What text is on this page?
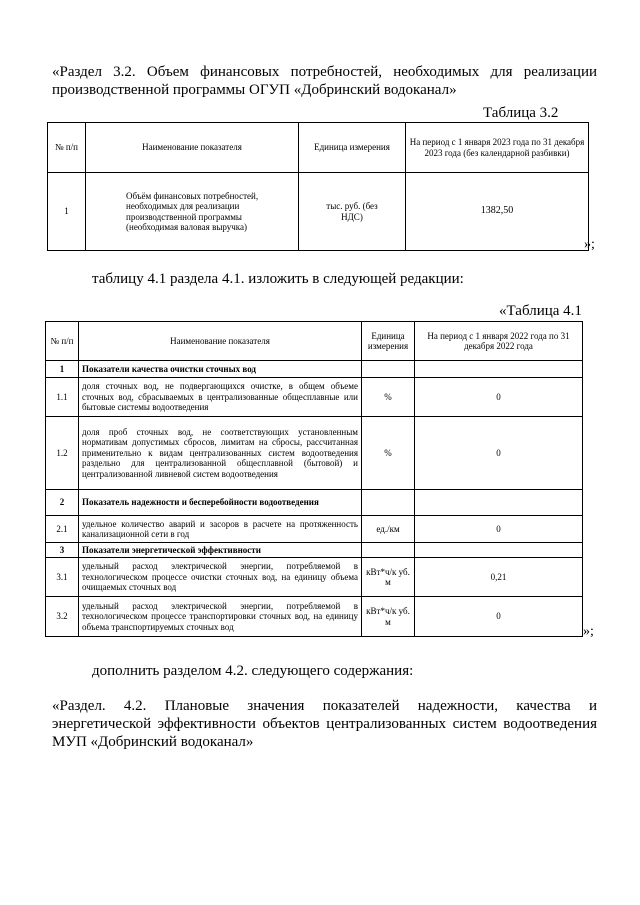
«Раздел 3.2. Объем финансовых потребностей, необходимых для реализации
производственной программы ОГУП «Добринский водоканал»
Таблица 3.2
№ п/п	Наименование показателя	Единица измерения	На период с 1 января 2023 года по 31 декабря 2023 года (без календарной разбивки)
1	Объём финансовых потребностей, необходимых для реализации производственной программы (необходимая валовая выручка)	тыс. руб. (без НДС)	1382,50
»;
таблицу 4.1 раздела 4.1. изложить в следующей редакции:
«Таблица 4.1
№ п/п	Наименование показателя	Единица измерения	На период с 1 января 2022 года по 31 декабря 2022 года
1	Показатели качества очистки сточных вод		
1.1	доля сточных вод, не подвергающихся очистке, в общем объеме сточных вод, сбрасываемых в централизованные общесплавные или бытовые системы водоотведения	%	0
1.2	доля проб сточных вод, не соответствующих установленным нормативам допустимых сбросов, лимитам на сбросы, рассчитанная применительно к видам централизованных систем водоотведения раздельно для централизованной общесплавной (бытовой) и централизованной ливневой систем водоотведения	%	0
2	Показатель надежности и бесперебойности водоотведения		
2.1	удельное количество аварий и засоров в расчете на протяженность канализационной сети в год	ед./км	0
3	Показатели энергетической эффективности		
3.1	удельный расход электрической энергии, потребляемой в технологическом процессе очистки сточных вод, на единицу объема очищаемых сточных вод	кВт*ч/к уб. м	0,21
3.2	удельный расход электрической энергии, потребляемой в технологическом процессе транспортировки сточных вод, на единицу объема транспортируемых сточных вод	кВт*ч/к уб. м	0
»;
дополнить разделом 4.2. следующего содержания:
«Раздел. 4.2. Плановые значения показателей надежности, качества и
энергетической эффективности объектов централизованных систем водоотведения
МУП «Добринский водоканал»
